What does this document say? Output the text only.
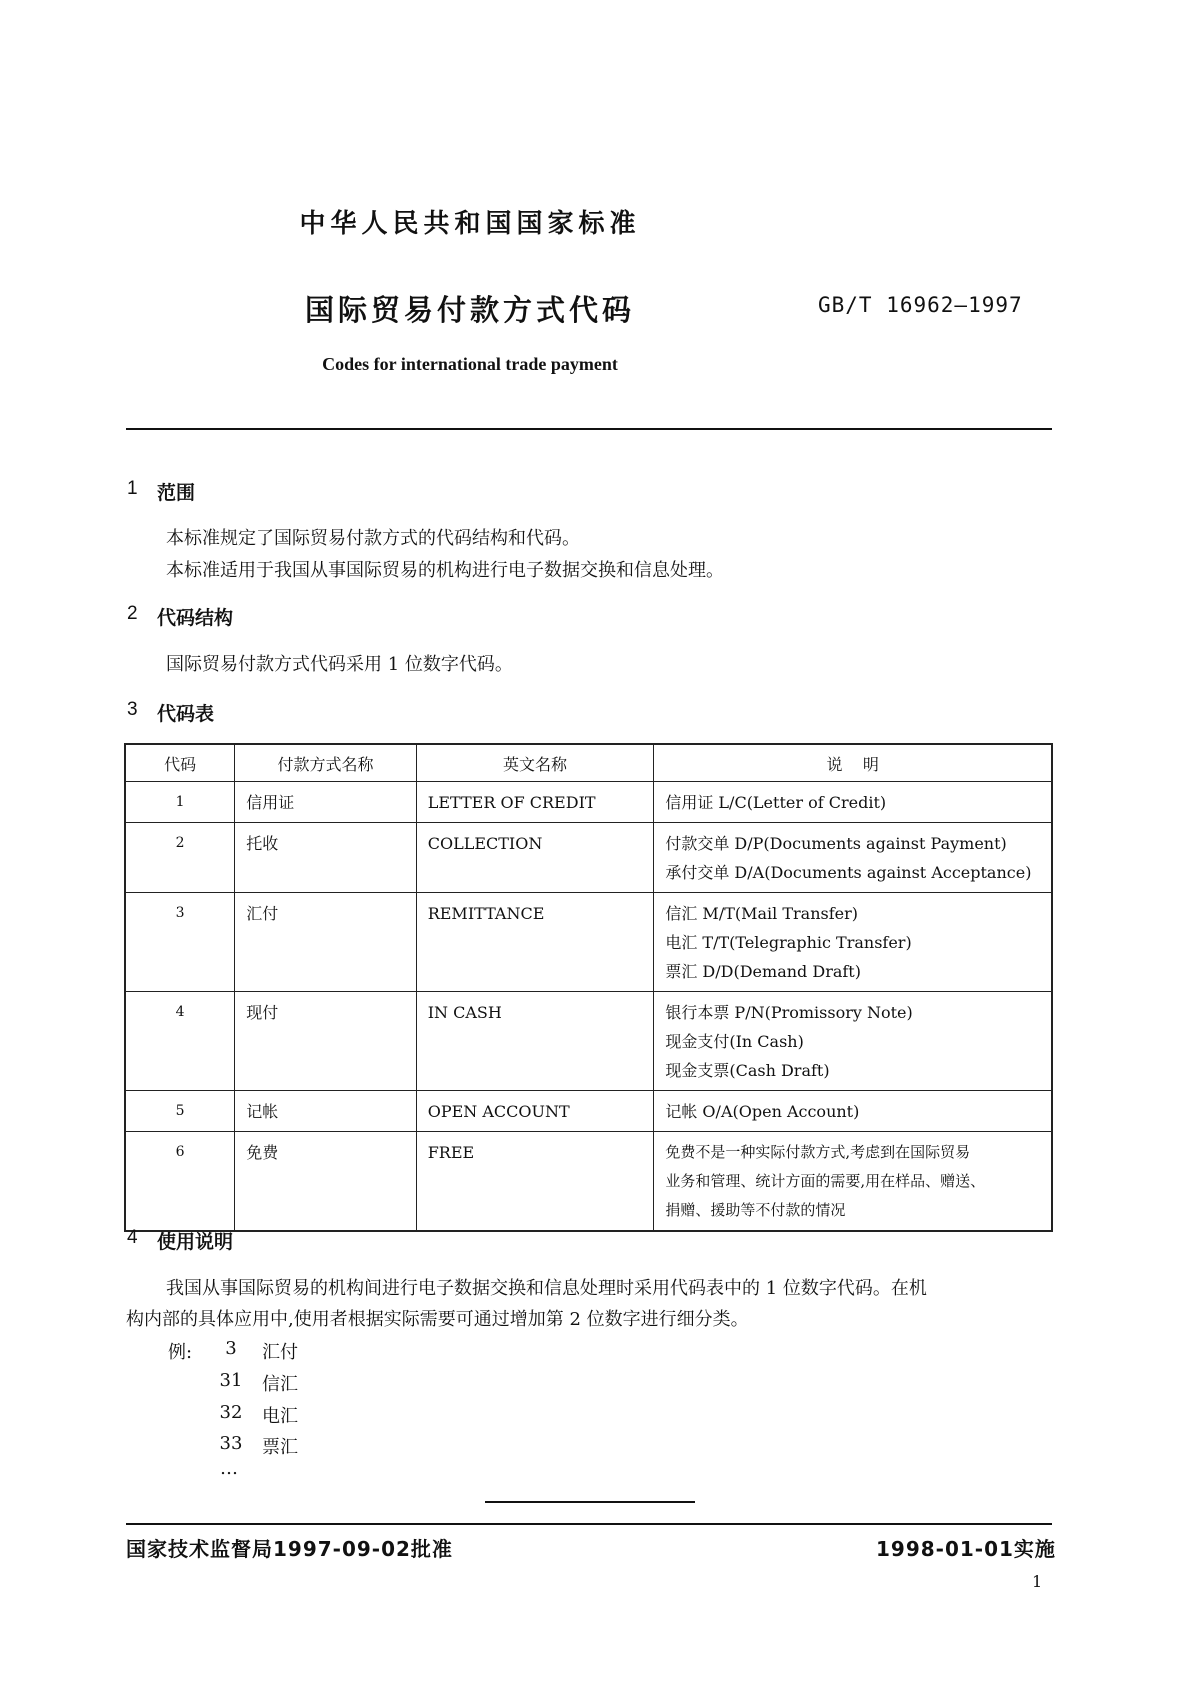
中华人民共和国国家标准
国际贸易付款方式代码	GB/T 16962—1997
Codes for international trade payment
1 范围
本标准规定了国际贸易付款方式的代码结构和代码。
本标准适用于我国从事国际贸易的机构进行电子数据交换和信息处理。
2 代码结构
国际贸易付款方式代码采用 1 位数字代码。
3 代码表
代码	付款方式名称	英文名称	说    明
1	信用证	LETTER OF CREDIT	信用证 L/C(Letter of Credit)

2	托收	COLLECTION	付款交单 D/P(Documents against Payment)
承付交单 D/A(Documents against Acceptance)

3	汇付	REMITTANCE	信汇 M/T(Mail Transfer)
电汇 T/T(Telegraphic Transfer)
票汇 D/D(Demand Draft)

4	现付	IN CASH	银行本票 P/N(Promissory Note)
现金支付(In Cash)
现金支票(Cash Draft)

5	记帐	OPEN ACCOUNT	记帐 O/A(Open Account)

6	免费	FREE	免费不是一种实际付款方式,考虑到在国际贸易
业务和管理、统计方面的需要,用在样品、赠送、
捐赠、援助等不付款的情况
4 使用说明
我国从事国际贸易的机构间进行电子数据交换和信息处理时采用代码表中的 1 位数字代码。在机
构内部的具体应用中,使用者根据实际需要可通过增加第 2 位数字进行细分类。
例:	3	汇付
31 信汇
32 电汇
33 票汇
…
国家技术监督局1997-09-02批准	1998-01-01实施
1
